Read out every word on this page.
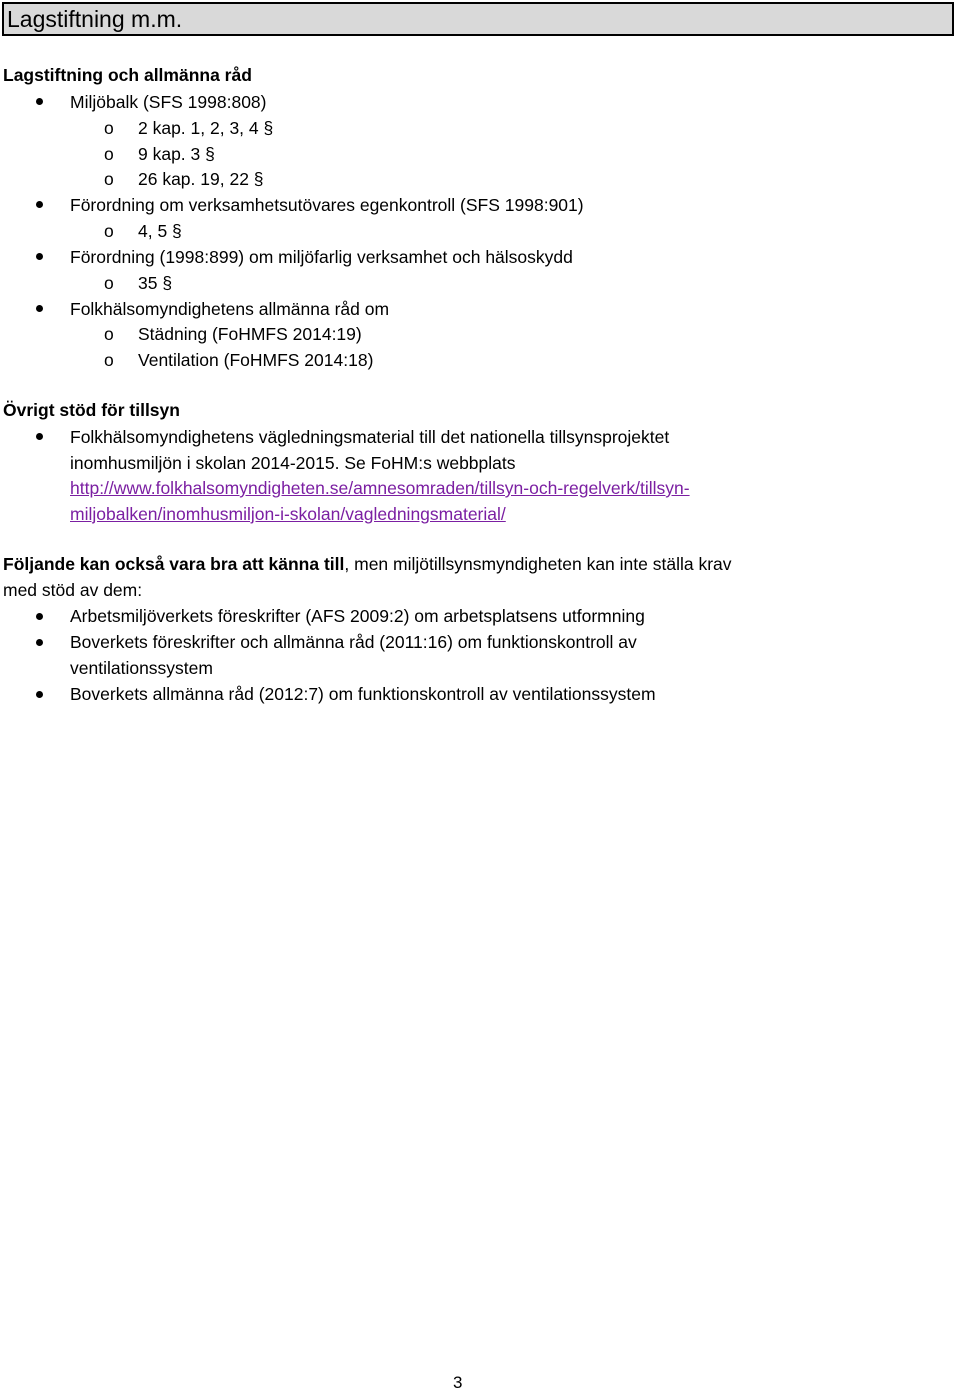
Lagstiftning m.m.
Lagstiftning och allmänna råd
Miljöbalk (SFS 1998:808)
o 2 kap. 1, 2, 3, 4 §
o 9 kap. 3 §
o 26 kap. 19, 22 §
Förordning om verksamhetsutövares egenkontroll (SFS 1998:901)
o 4, 5 §
Förordning (1998:899) om miljöfarlig verksamhet och hälsoskydd
o 35 §
Folkhälsomyndighetens allmänna råd om
o Städning (FoHMFS 2014:19)
o Ventilation (FoHMFS 2014:18)
Övrigt stöd för tillsyn
Folkhälsomyndighetens vägledningsmaterial till det nationella tillsynsprojektet
inomhusmiljön i skolan 2014-2015. Se FoHM:s webbplats
http://www.folkhalsomyndigheten.se/amnesomraden/tillsyn-och-regelverk/tillsyn-
miljobalken/inomhusmiljon-i-skolan/vagledningsmaterial/
Följande kan också vara bra att känna till, men miljötillsynsmyndigheten kan inte ställa krav
med stöd av dem:
Arbetsmiljöverkets föreskrifter (AFS 2009:2) om arbetsplatsens utformning
Boverkets föreskrifter och allmänna råd (2011:16) om funktionskontroll av
ventilationssystem
Boverkets allmänna råd (2012:7) om funktionskontroll av ventilationssystem
3
